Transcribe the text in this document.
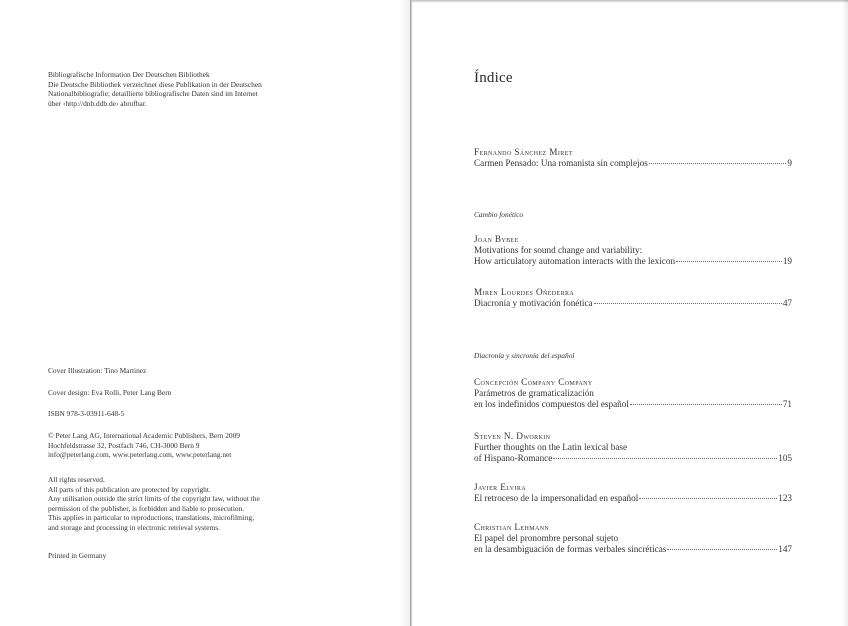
Bibliografische Information Der Deutschen Bibliothek
Die Deutsche Bibliothek verzeichnet diese Publikation in der Deutschen
Nationalbibliografie; detaillierte bibliografische Daten sind im Internet
über ‹http://dnb.ddb.de› abrufbar.
Cover Illustration: Tino Martinez
Cover design: Eva Rolli, Peter Lang Bern
ISBN 978-3-03911-648-5
© Peter Lang AG, International Academic Publishers, Bern 2009
Hochfeldstrasse 32, Postfach 746, CH-3000 Bern 9
info@peterlang.com, www.peterlang.com, www.peterlang.net
All rights reserved.
All parts of this publication are protected by copyright.
Any utilisation outside the strict limits of the copyright law, without the
permission of the publisher, is forbidden and liable to prosecution.
This applies in particular to reproductions, translations, microfilming,
and storage and processing in electronic retrieval systems.
Printed in Germany
Índice
Fernando Sánchez Miret
Carmen Pensado: Una romanista sin complejos	9
Cambio fonético
Joan Bybee
Motivations for sound change and variability:
How articulatory automation interacts with the lexicon	19
Miren Lourdes Oñederra
Diacronía y motivación fonética	47
Diacronía y sincronía del español
Concepción Company Company
Parámetros de gramaticalización
en los indefinidos compuestos del español	71
Steven N. Dworkin
Further thoughts on the Latin lexical base
of Hispano-Romance	105
Javier Elvira
El retroceso de la impersonalidad en español	123
Christian Lehmann
El papel del pronombre personal sujeto
en la desambiguación de formas verbales sincréticas	147
